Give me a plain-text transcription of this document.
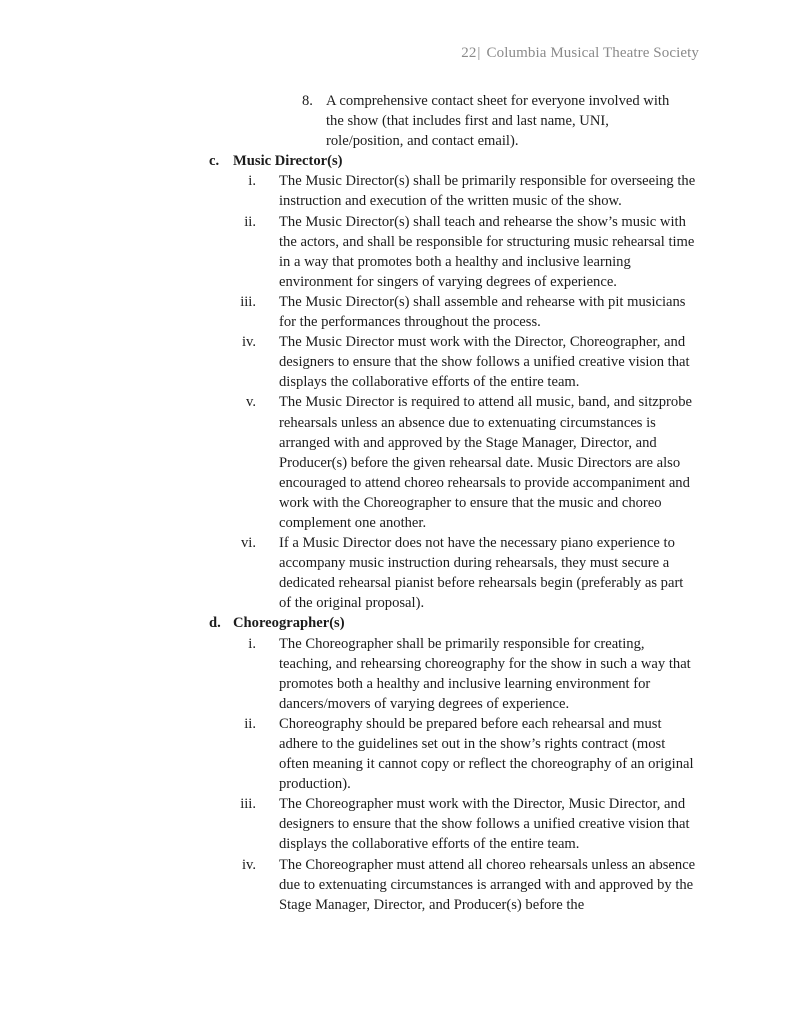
22| Columbia Musical Theatre Society
8. A comprehensive contact sheet for everyone involved with the show (that includes first and last name, UNI, role/position, and contact email).
c. Music Director(s)
i. The Music Director(s) shall be primarily responsible for overseeing the instruction and execution of the written music of the show.
ii. The Music Director(s) shall teach and rehearse the show’s music with the actors, and shall be responsible for structuring music rehearsal time in a way that promotes both a healthy and inclusive learning environment for singers of varying degrees of experience.
iii. The Music Director(s) shall assemble and rehearse with pit musicians for the performances throughout the process.
iv. The Music Director must work with the Director, Choreographer, and designers to ensure that the show follows a unified creative vision that displays the collaborative efforts of the entire team.
v. The Music Director is required to attend all music, band, and sitzprobe rehearsals unless an absence due to extenuating circumstances is arranged with and approved by the Stage Manager, Director, and Producer(s) before the given rehearsal date. Music Directors are also encouraged to attend choreo rehearsals to provide accompaniment and work with the Choreographer to ensure that the music and choreo complement one another.
vi. If a Music Director does not have the necessary piano experience to accompany music instruction during rehearsals, they must secure a dedicated rehearsal pianist before rehearsals begin (preferably as part of the original proposal).
d. Choreographer(s)
i. The Choreographer shall be primarily responsible for creating, teaching, and rehearsing choreography for the show in such a way that promotes both a healthy and inclusive learning environment for dancers/movers of varying degrees of experience.
ii. Choreography should be prepared before each rehearsal and must adhere to the guidelines set out in the show’s rights contract (most often meaning it cannot copy or reflect the choreography of an original production).
iii. The Choreographer must work with the Director, Music Director, and designers to ensure that the show follows a unified creative vision that displays the collaborative efforts of the entire team.
iv. The Choreographer must attend all choreo rehearsals unless an absence due to extenuating circumstances is arranged with and approved by the Stage Manager, Director, and Producer(s) before the
